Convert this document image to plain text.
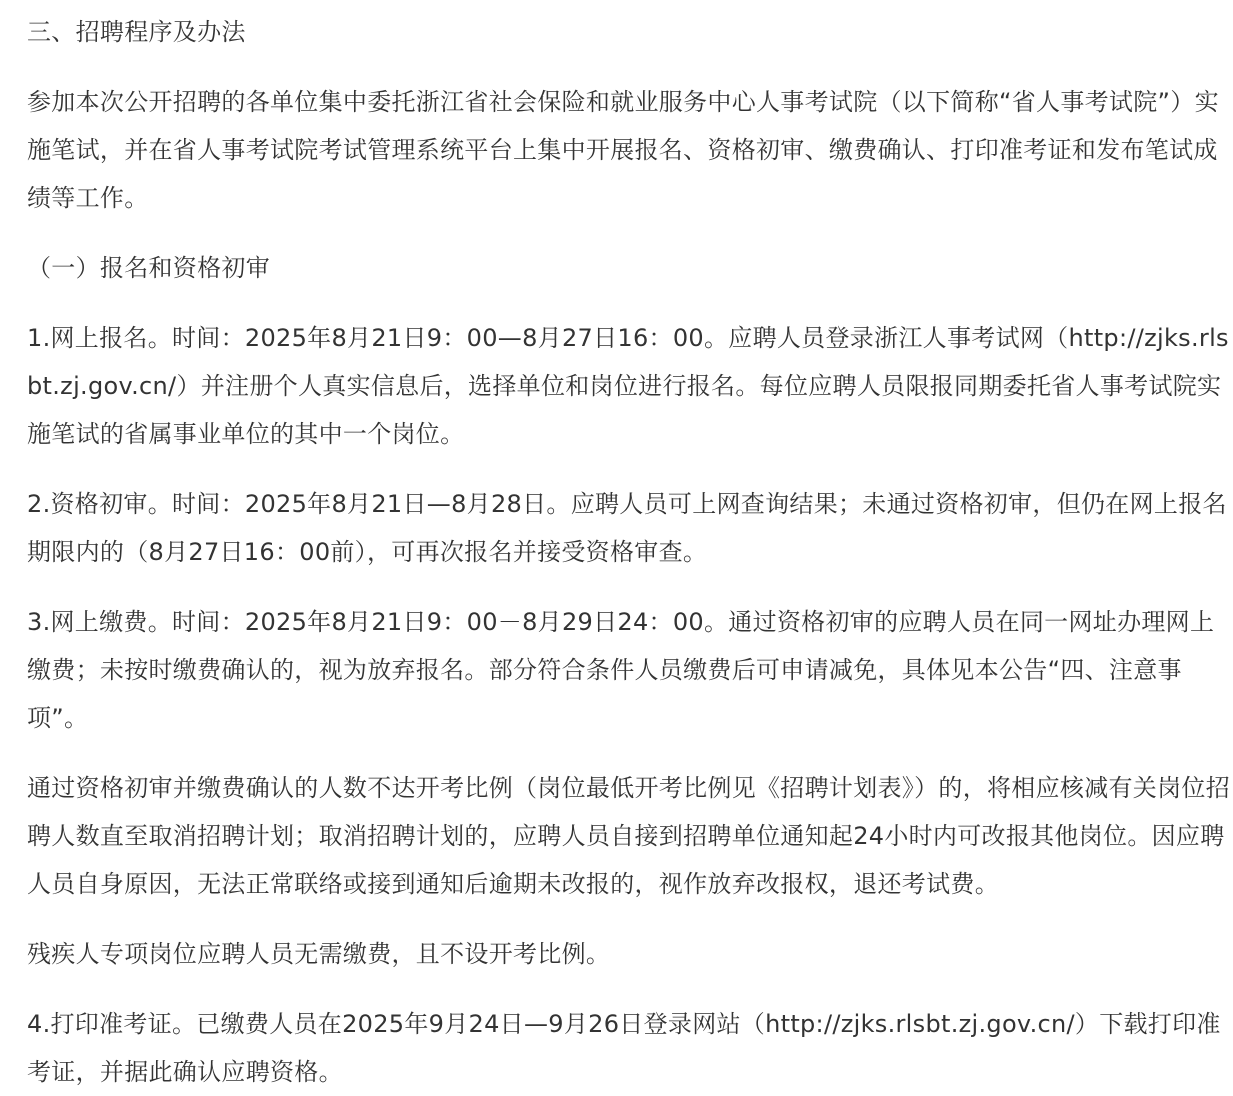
三、招聘程序及办法

参加本次公开招聘的各单位集中委托浙江省社会保险和就业服务中心人事考试院（以下简称“省人事考试院”）实施笔试，并在省人事考试院考试管理系统平台上集中开展报名、资格初审、缴费确认、打印准考证和发布笔试成绩等工作。

（一）报名和资格初审

1.网上报名。时间：2025年8月21日9：00—8月27日16：00。应聘人员登录浙江人事考试网（http://zjks.rlsbt.zj.gov.cn/）并注册个人真实信息后，选择单位和岗位进行报名。每位应聘人员限报同期委托省人事考试院实施笔试的省属事业单位的其中一个岗位。

2.资格初审。时间：2025年8月21日—8月28日。应聘人员可上网查询结果；未通过资格初审，但仍在网上报名期限内的（8月27日16：00前），可再次报名并接受资格审查。

3.网上缴费。时间：2025年8月21日9：00－8月29日24：00。通过资格初审的应聘人员在同一网址办理网上缴费；未按时缴费确认的，视为放弃报名。部分符合条件人员缴费后可申请减免，具体见本公告“四、注意事项”。

通过资格初审并缴费确认的人数不达开考比例（岗位最低开考比例见《招聘计划表》）的，将相应核减有关岗位招聘人数直至取消招聘计划；取消招聘计划的，应聘人员自接到招聘单位通知起24小时内可改报其他岗位。因应聘人员自身原因，无法正常联络或接到通知后逾期未改报的，视作放弃改报权，退还考试费。

残疾人专项岗位应聘人员无需缴费，且不设开考比例。

4.打印准考证。已缴费人员在2025年9月24日—9月26日登录网站（http://zjks.rlsbt.zj.gov.cn/）下载打印准考证，并据此确认应聘资格。
